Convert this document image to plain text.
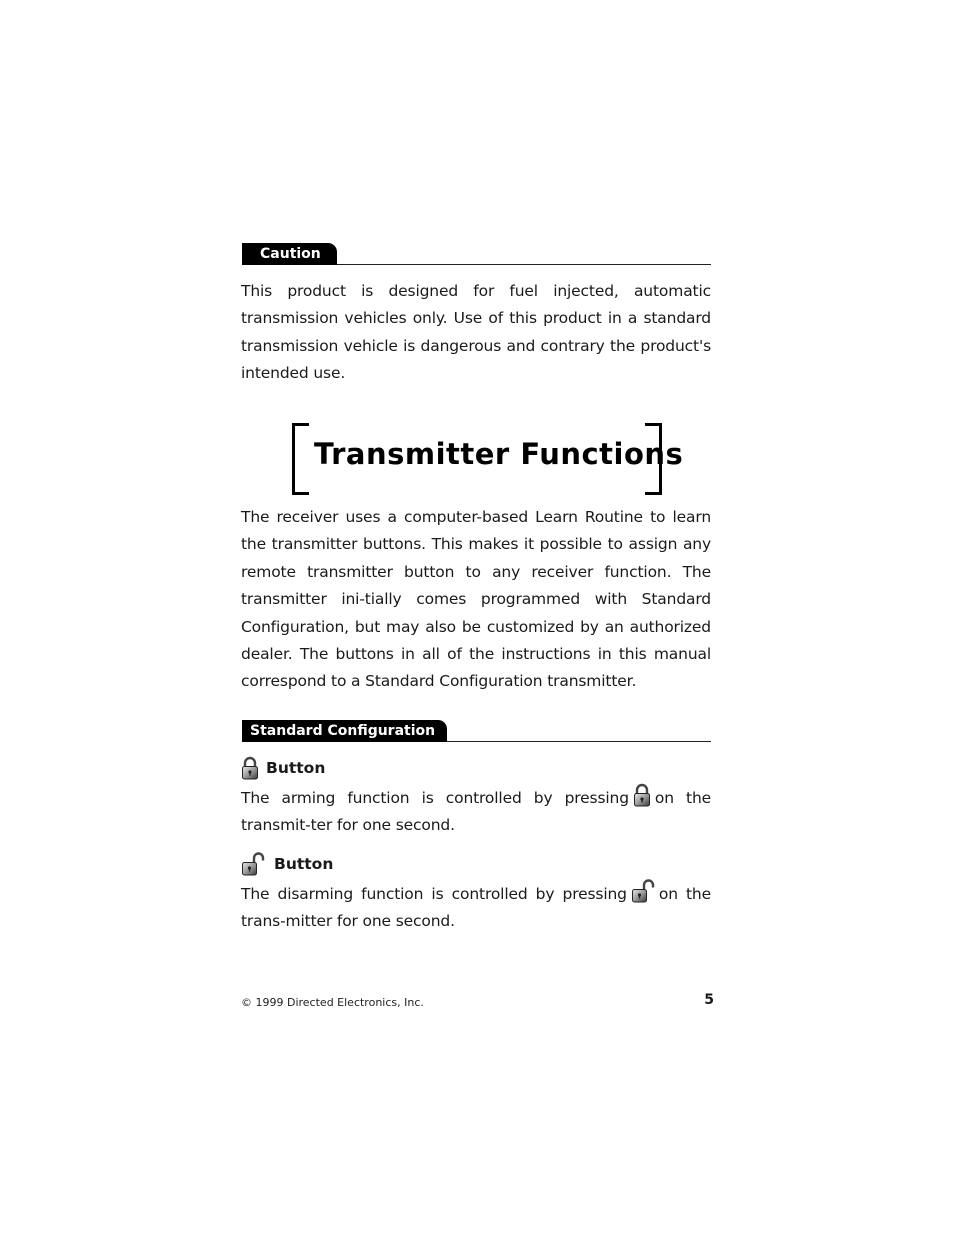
Caution

This product is designed for fuel injected, automatic transmission vehicles only. Use of this product in a standard transmission vehicle is dangerous and contrary the product's intended use.

Transmitter Functions

The receiver uses a computer-based Learn Routine to learn the transmitter buttons. This makes it possible to assign any remote transmitter button to any receiver function. The transmitter ini-tially comes programmed with Standard Configuration, but may also be customized by an authorized dealer. The buttons in all of the instructions in this manual correspond to a Standard Configuration transmitter.

Standard Configuration
Button

The arming function is controlled by pressing on the transmit-ter for one second.

Button

The disarming function is controlled by pressing on the trans-mitter for one second.

© 1999 Directed Electronics, Inc.	5
